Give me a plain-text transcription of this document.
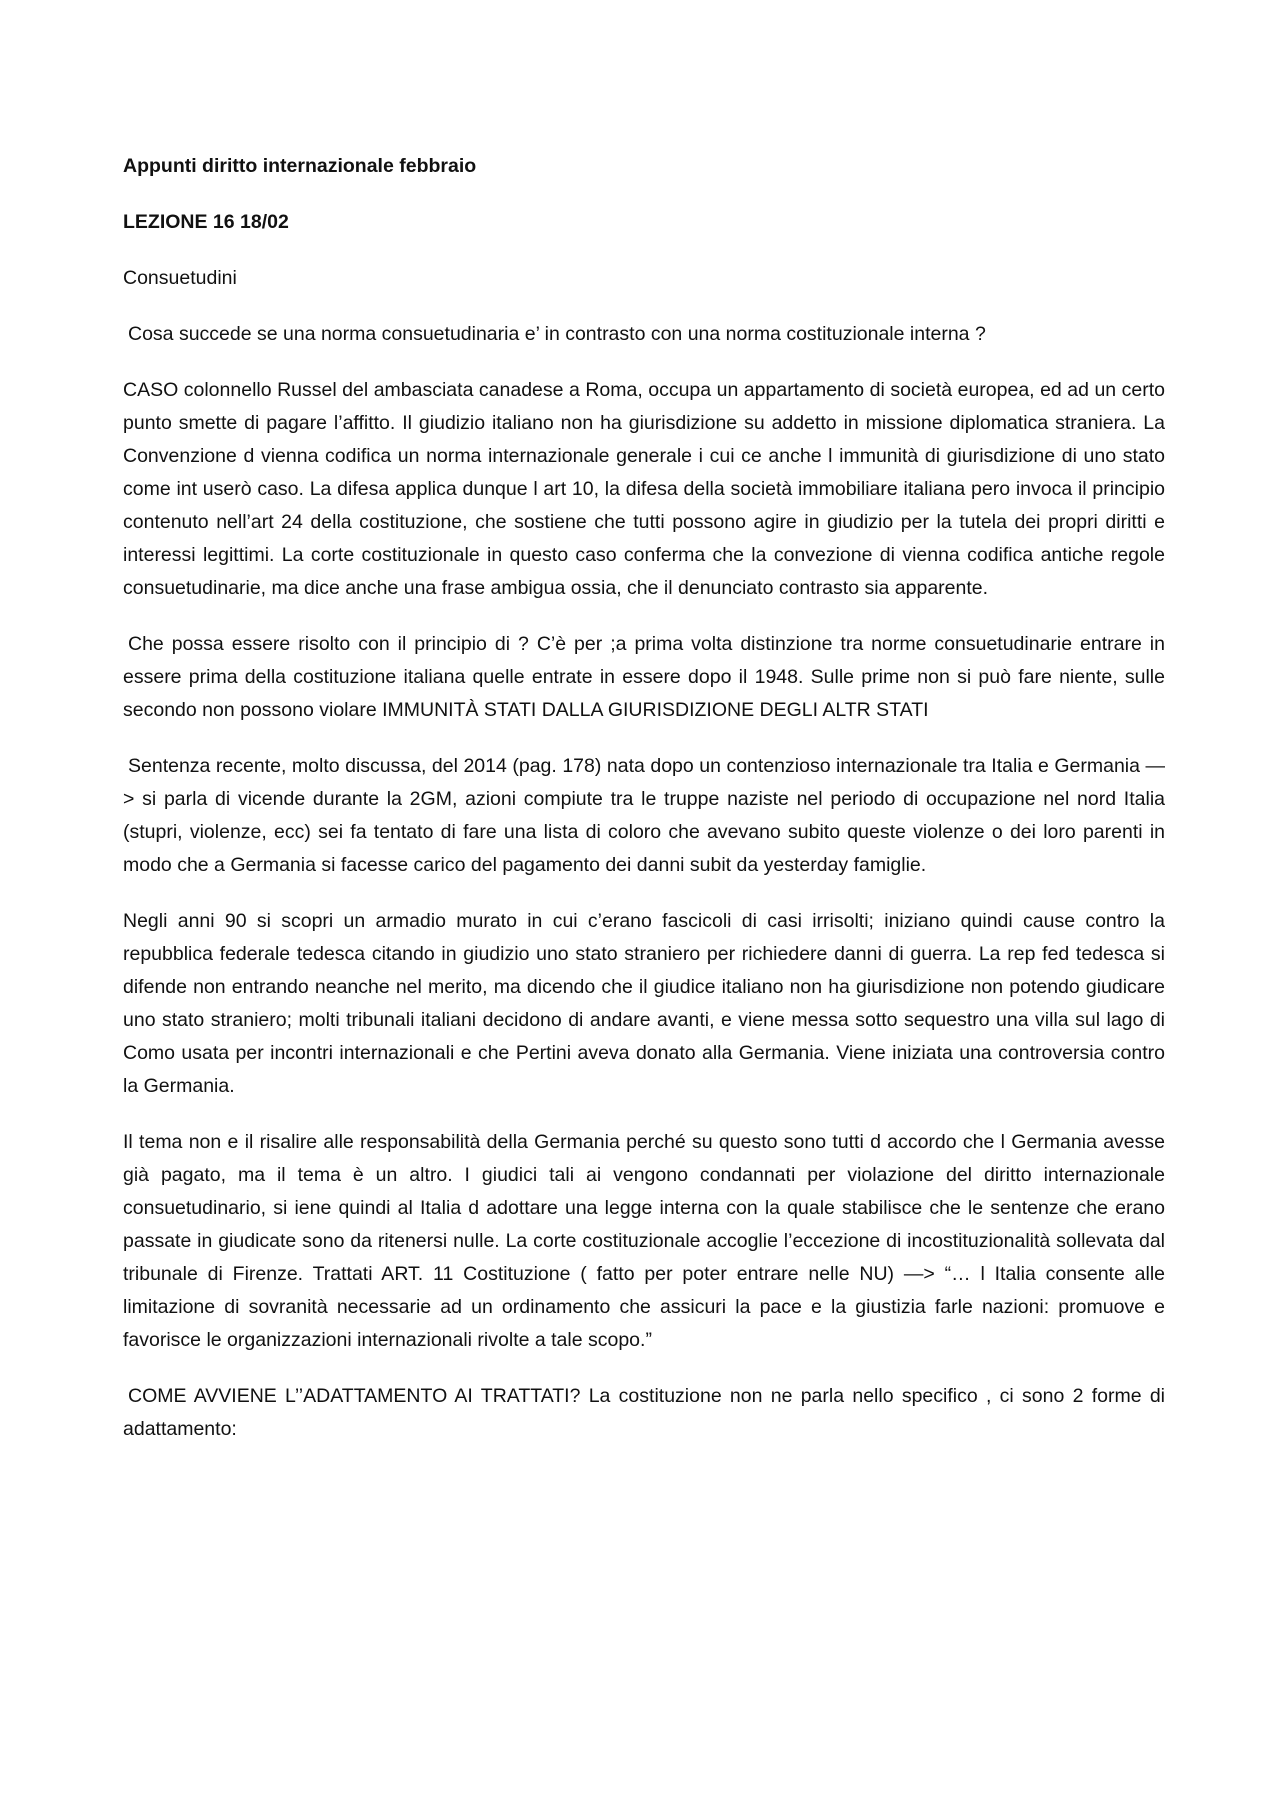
Appunti diritto internazionale febbraio

LEZIONE 16 18/02

Consuetudini

Cosa succede se una norma consuetudinaria e’ in contrasto con una norma costituzionale interna ?

CASO colonnello Russel del ambasciata canadese a Roma, occupa un appartamento di società europea, ed ad un certo punto smette di pagare l’affitto. Il giudizio italiano non ha giurisdizione su addetto in missione diplomatica straniera. La Convenzione d vienna codifica un norma internazionale generale i cui ce anche l immunità di giurisdizione di uno stato come int userò caso. La difesa applica dunque l art 10, la difesa della società immobiliare italiana pero invoca il principio contenuto nell’art 24 della costituzione, che sostiene che tutti possono agire in giudizio per la tutela dei propri diritti e interessi legittimi. La corte costituzionale in questo caso conferma che la convezione di vienna codifica antiche regole consuetudinarie, ma dice anche una frase ambigua ossia, che il denunciato contrasto sia apparente.

Che possa essere risolto con il principio di ? C’è per ;a prima volta distinzione tra norme consuetudinarie entrare in essere prima della costituzione italiana quelle entrate in essere dopo il 1948. Sulle prime non si può fare niente, sulle secondo non possono violare IMMUNITÀ STATI DALLA GIURISDIZIONE DEGLI ALTR STATI

Sentenza recente, molto discussa, del 2014 (pag. 178) nata dopo un contenzioso internazionale tra Italia e Germania —> si parla di vicende durante la 2GM, azioni compiute tra le truppe naziste nel periodo di occupazione nel nord Italia (stupri, violenze, ecc) sei fa tentato di fare una lista di coloro che avevano subito queste violenze o dei loro parenti in modo che a Germania si facesse carico del pagamento dei danni subit da yesterday famiglie.

Negli anni 90 si scopri un armadio murato in cui c’erano fascicoli di casi irrisolti; iniziano quindi cause contro la repubblica federale tedesca citando in giudizio uno stato straniero per richiedere danni di guerra. La rep fed tedesca si difende non entrando neanche nel merito, ma dicendo che il giudice italiano non ha giurisdizione non potendo giudicare uno stato straniero; molti tribunali italiani decidono di andare avanti, e viene messa sotto sequestro una villa sul lago di Como usata per incontri internazionali e che Pertini aveva donato alla Germania. Viene iniziata una controversia contro la Germania.

Il tema non e il risalire alle responsabilità della Germania perché su questo sono tutti d accordo che l Germania avesse già pagato, ma il tema è un altro. I giudici tali ai vengono condannati per violazione del diritto internazionale consuetudinario, si iene quindi al Italia d adottare una legge interna con la quale stabilisce che le sentenze che erano passate in giudicate sono da ritenersi nulle. La corte costituzionale accoglie l’eccezione di incostituzionalità sollevata dal tribunale di Firenze. Trattati ART. 11 Costituzione ( fatto per poter entrare nelle NU) —> “… l Italia consente alle limitazione di sovranità necessarie ad un ordinamento che assicuri la pace e la giustizia farle nazioni: promuove e favorisce le organizzazioni internazionali rivolte a tale scopo.”

COME AVVIENE L’’ADATTAMENTO AI TRATTATI? La costituzione non ne parla nello specifico , ci sono 2 forme di adattamento:
